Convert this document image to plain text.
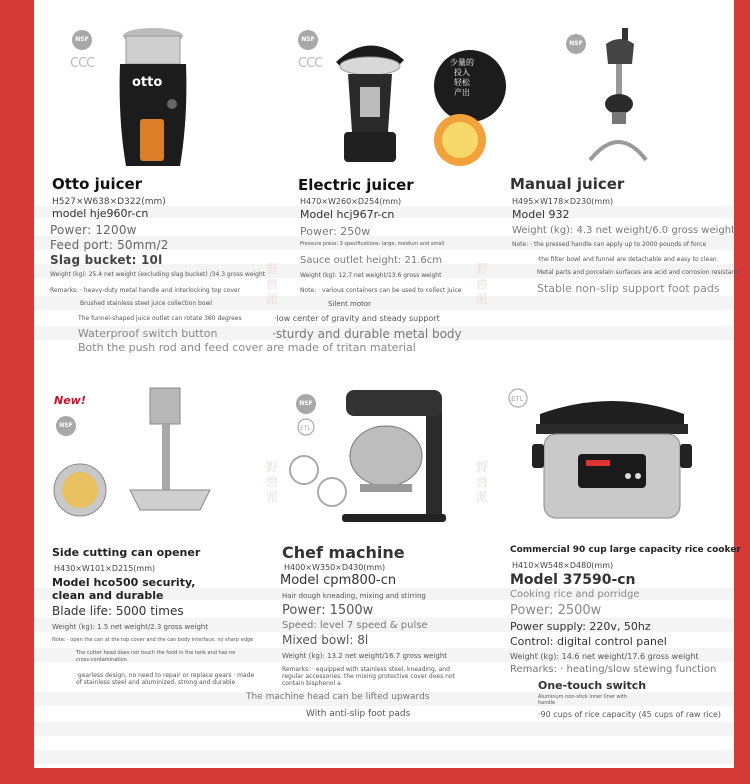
野
兽
派
野
兽
派
野
兽
派
野
兽
派
NSF
CCC
otto
Otto juicer
H527×W638×D322(mm)
model hje960r-cn
Power: 1200w
Feed port: 50mm/2
Slag bucket: 10l
Weight (kg): 25.4 net weight (excluding slag bucket) /34.3 gross weight
Remarks: · heavy-duty metal handle and interlocking top cover
Brushed stainless steel juice collection bowl
The funnel-shaped juice outlet can rotate 360 degrees
Waterproof switch button
Both the push rod and feed cover are made of tritan material
NSF
CCC	少量的
投入
轻松
产出
Electric juicer
H470×W260×D254(mm)
Model hcj967r-cn
Power: 250w
Pressure press: 3 specifications: large, medium and small
Sauce outlet height: 21.6cm
Weight (kg): 12.7 net weight/13.6 gross weight
Note: · various containers can be used to collect juice
Silent motor
·low center of gravity and steady support
·sturdy and durable metal body
NSF
Manual juicer
H495×W178×D230(mm)
Model 932
Weight (kg): 4.3 net weight/6.0 gross weight
Note: · the pressed handle can apply up to 2000 pounds of force
·the filter bowl and funnel are detachable and easy to clean
Metal parts and porcelain surfaces are acid and corrosion resistant
Stable non-slip support foot pads
New!
NSF
Side cutting can opener
H430×W101×D215(mm)
Model hco500 security, clean and durable
Blade life: 5000 times
Weight (kg): 1.5 net weight/2.3 gross weight
Note: · open the can at the top cover and the can body interface, no sharp edge
The cutter head does not touch the food in the tank and has no cross-contamination
·gearless design, no need to repair or replace gears · made of stainless steel and aluminized, strong and durable
NSF
ETL
Chef machine
H400×W350×D430(mm)
Model cpm800-cn
Hair dough kneading, mixing and stirring
Power: 1500w
Speed: level 7 speed & pulse
Mixed bowl: 8l
Weight (kg): 13.2 net weight/16.7 gross weight
Remarks: · equipped with stainless steel, kneading, and regular accessories. the mixing protective cover does not contain bisphenol a
The machine head can be lifted upwards
With anti-slip foot pads
ETL
Commercial 90 cup large capacity rice cooker
H410×W548×D480(mm)
Model 37590-cn
Cooking rice and porridge
Power: 2500w
Power supply: 220v, 50hz
Control: digital control panel
Weight (kg): 14.6 net weight/17.6 gross weight
Remarks: · heating/slow stewing function
One-touch switch
Aluminum non-stick inner liner with handle
·90 cups of rice capacity (45 cups of raw rice)
